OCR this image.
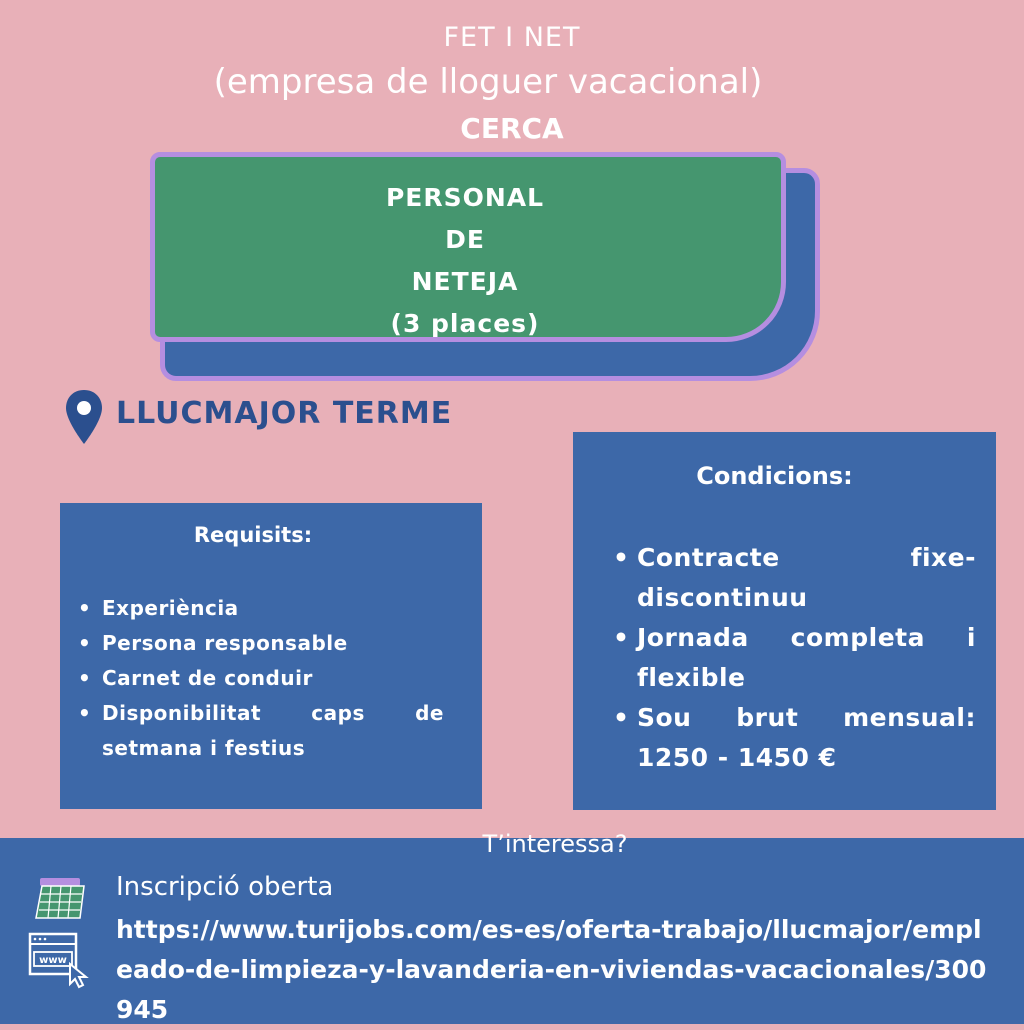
FET I NET
(empresa de lloguer vacacional)
CERCA
PERSONAL
DE
NETEJA
(3 places)
LLUCMAJOR TERME
Requisits:
• Experiència
• Persona responsable
• Carnet de conduir
• Disponibilitat caps de setmana i festius
Condicions:
• Contracte fixe-discontinuu
• Jornada completa i flexible
• Sou brut mensual: 1250 - 1450 €
T’interessa?
www
Inscripció oberta
https://www.turijobs.com/es-es/oferta-trabajo/llucmajor/empleado-de-limpieza-y-lavanderia-en-viviendas-vacacionales/300945
